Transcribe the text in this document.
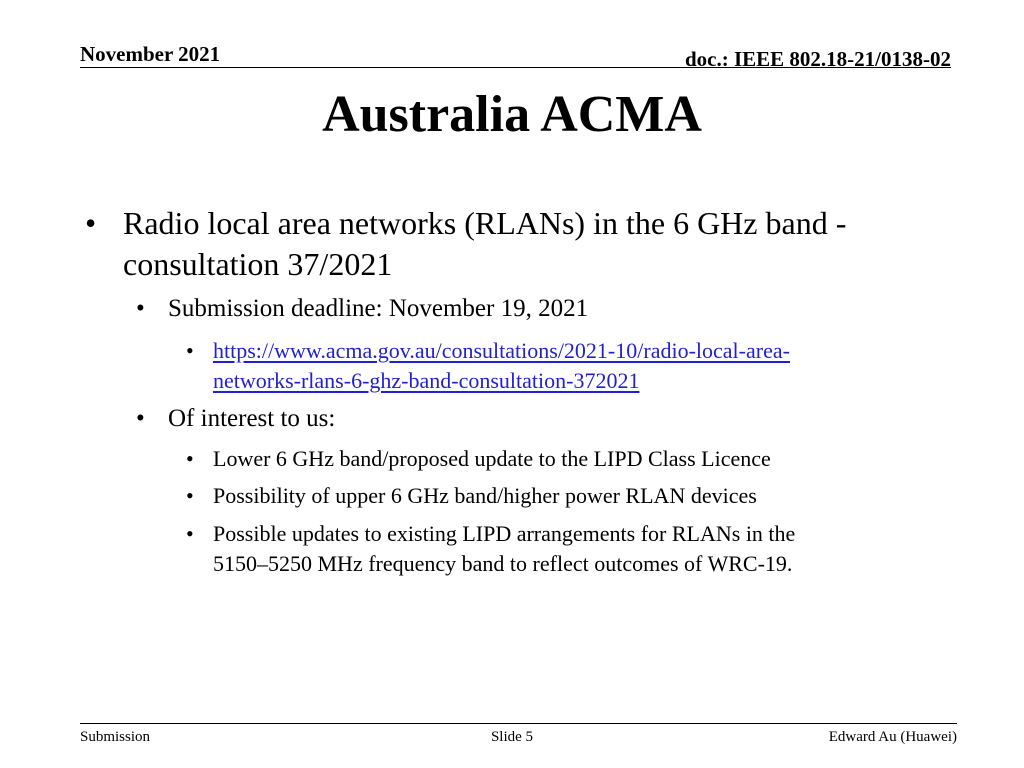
November 2021	doc.: IEEE 802.18-21/0138-02
Australia ACMA
• Radio local area networks (RLANs) in the 6 GHz band -
consultation 37/2021
• Submission deadline: November 19, 2021
• https://www.acma.gov.au/consultations/2021-10/radio-local-area-
networks-rlans-6-ghz-band-consultation-372021
• Of interest to us:
• Lower 6 GHz band/proposed update to the LIPD Class Licence
• Possibility of upper 6 GHz band/higher power RLAN devices
• Possible updates to existing LIPD arrangements for RLANs in the
5150–5250 MHz frequency band to reflect outcomes of WRC-19.
Submission	Slide 5	Edward Au (Huawei)
